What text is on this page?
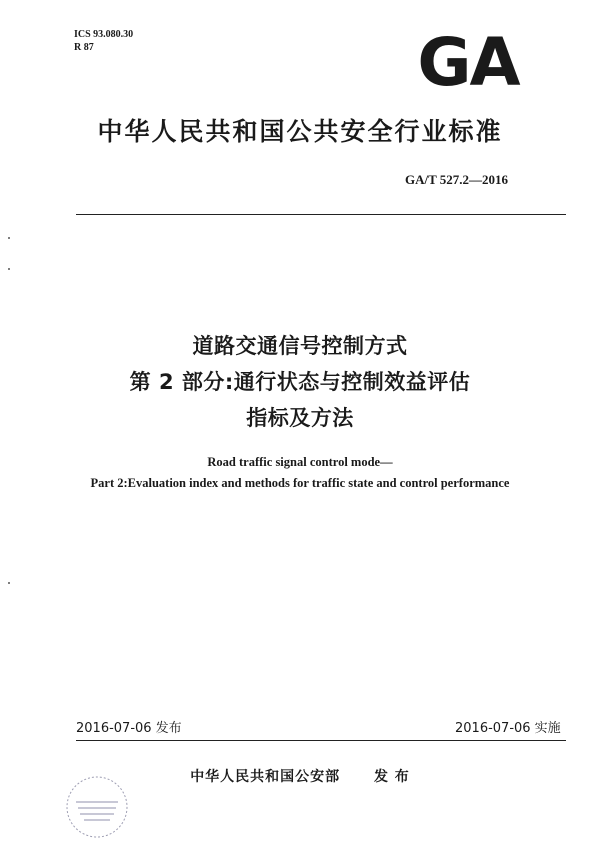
ICS 93.080.30
R 87	GA
中华人民共和国公共安全行业标准
GA/T 527.2—2016
道路交通信号控制方式
第 2 部分:通行状态与控制效益评估
指标及方法
Road traffic signal control mode—
Part 2:Evaluation index and methods for traffic state and control performance
2016-07-06 发布	2016-07-06 实施
中华人民共和国公安部 发 布
